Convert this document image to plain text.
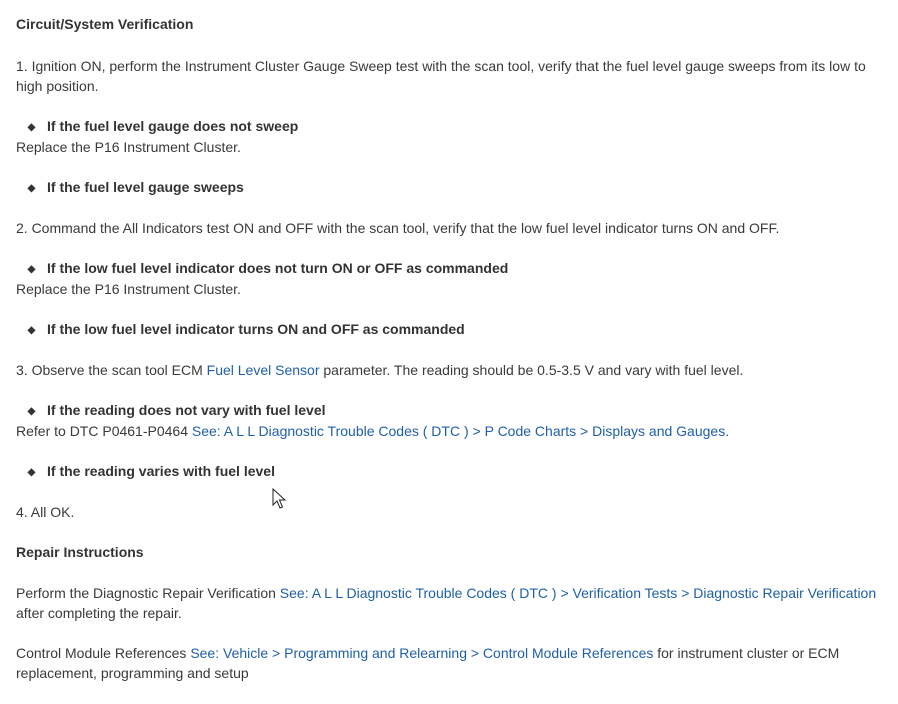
Circuit/System Verification
1. Ignition ON, perform the Instrument Cluster Gauge Sweep test with the scan tool, verify that the fuel level gauge sweeps from its low to
high position.
◆ If the fuel level gauge does not sweep
Replace the P16 Instrument Cluster.
◆ If the fuel level gauge sweeps
2. Command the All Indicators test ON and OFF with the scan tool, verify that the low fuel level indicator turns ON and OFF.
◆ If the low fuel level indicator does not turn ON or OFF as commanded
Replace the P16 Instrument Cluster.
◆ If the low fuel level indicator turns ON and OFF as commanded
3. Observe the scan tool ECM Fuel Level Sensor parameter. The reading should be 0.5-3.5 V and vary with fuel level.
◆ If the reading does not vary with fuel level
Refer to DTC P0461-P0464 See: A L L Diagnostic Trouble Codes ( DTC ) > P Code Charts > Displays and Gauges.
◆ If the reading varies with fuel level
4. All OK.
Repair Instructions
Perform the Diagnostic Repair Verification See: A L L Diagnostic Trouble Codes ( DTC ) > Verification Tests > Diagnostic Repair Verification
after completing the repair.
Control Module References See: Vehicle > Programming and Relearning > Control Module References for instrument cluster or ECM
replacement, programming and setup
